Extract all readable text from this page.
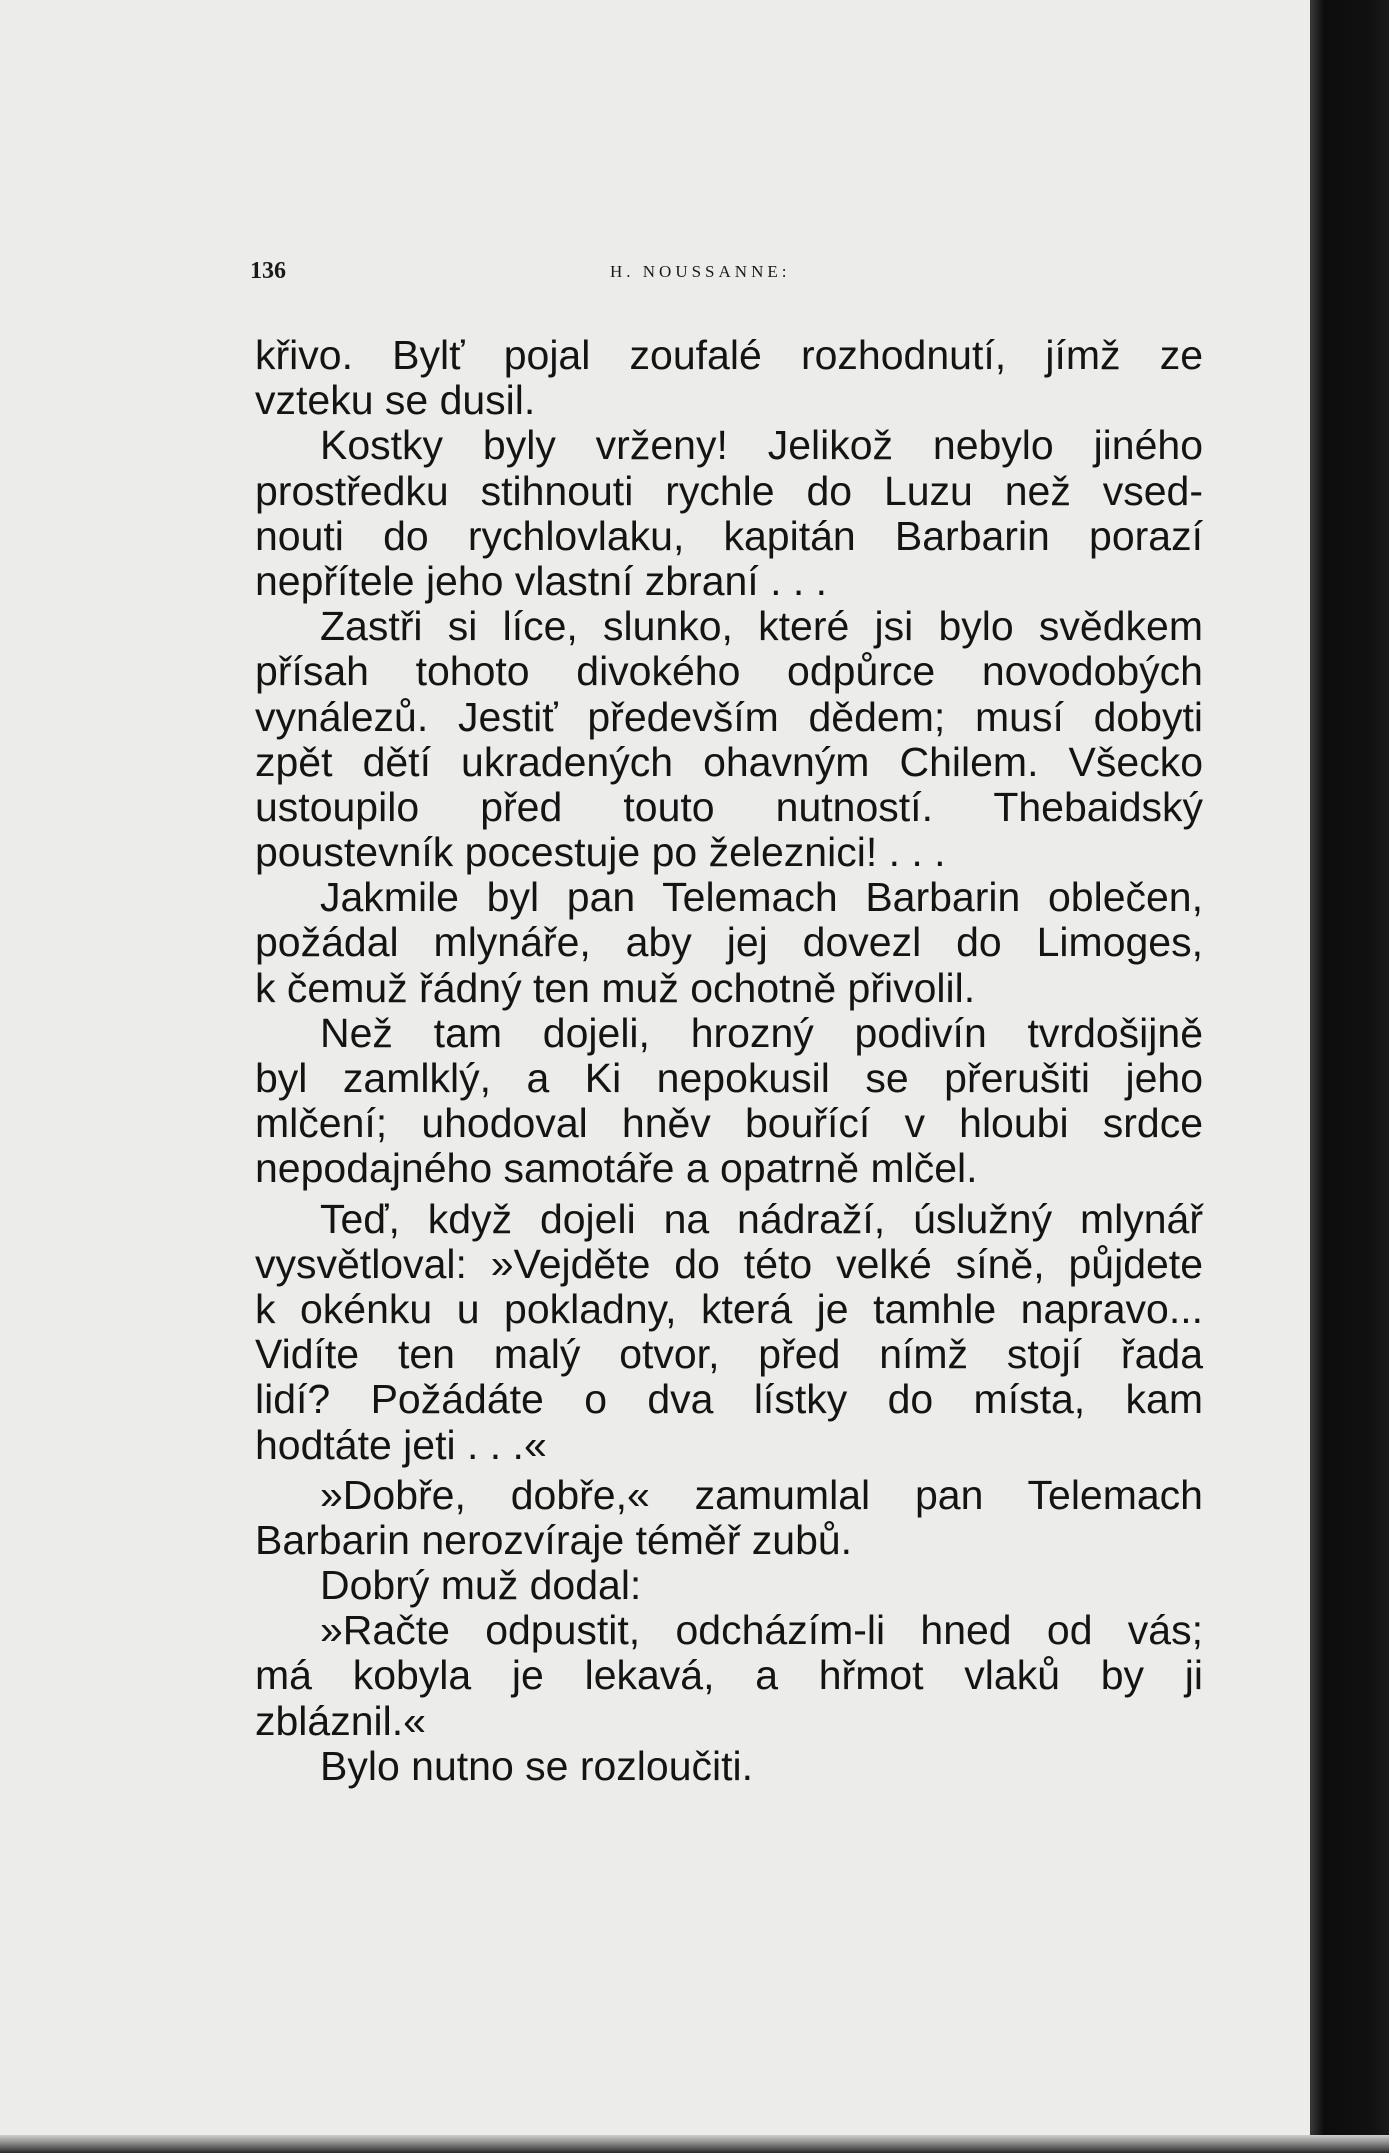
136	H. NOUSSANNE:
křivo. Bylť pojal zoufalé rozhodnutí, jímž ze
vzteku se dusil.
Kostky byly vrženy! Jelikož nebylo jiného
prostředku stihnouti rychle do Luzu než vsed-
nouti do rychlovlaku, kapitán Barbarin porazí
nepřítele jeho vlastní zbraní . . .
Zastři si líce, slunko, které jsi bylo svědkem
přísah tohoto divokého odpůrce novodobých
vynálezů. Jestiť především dědem; musí dobyti
zpět dětí ukradených ohavným Chilem. Všecko
ustoupilo před touto nutností. Thebaidský
poustevník pocestuje po železnici! . . .
Jakmile byl pan Telemach Barbarin oblečen,
požádal mlynáře, aby jej dovezl do Limoges,
k čemuž řádný ten muž ochotně přivolil.
Než tam dojeli, hrozný podivín tvrdošijně
byl zamlklý, a Ki nepokusil se přerušiti jeho
mlčení; uhodoval hněv bouřící v hloubi srdce
nepodajného samotáře a opatrně mlčel.
Teď, když dojeli na nádraží, úslužný mlynář
vysvětloval: »Vejděte do této velké síně, půjdete
k okénku u pokladny, která je tamhle napravo...
Vidíte ten malý otvor, před nímž stojí řada
lidí? Požádáte o dva lístky do místa, kam
hodtáte jeti . . .«
»Dobře, dobře,« zamumlal pan Telemach
Barbarin nerozvíraje téměř zubů.
Dobrý muž dodal:
»Račte odpustit, odcházím-li hned od vás;
má kobyla je lekavá, a hřmot vlaků by ji
zbláznil.«
Bylo nutno se rozloučiti.
